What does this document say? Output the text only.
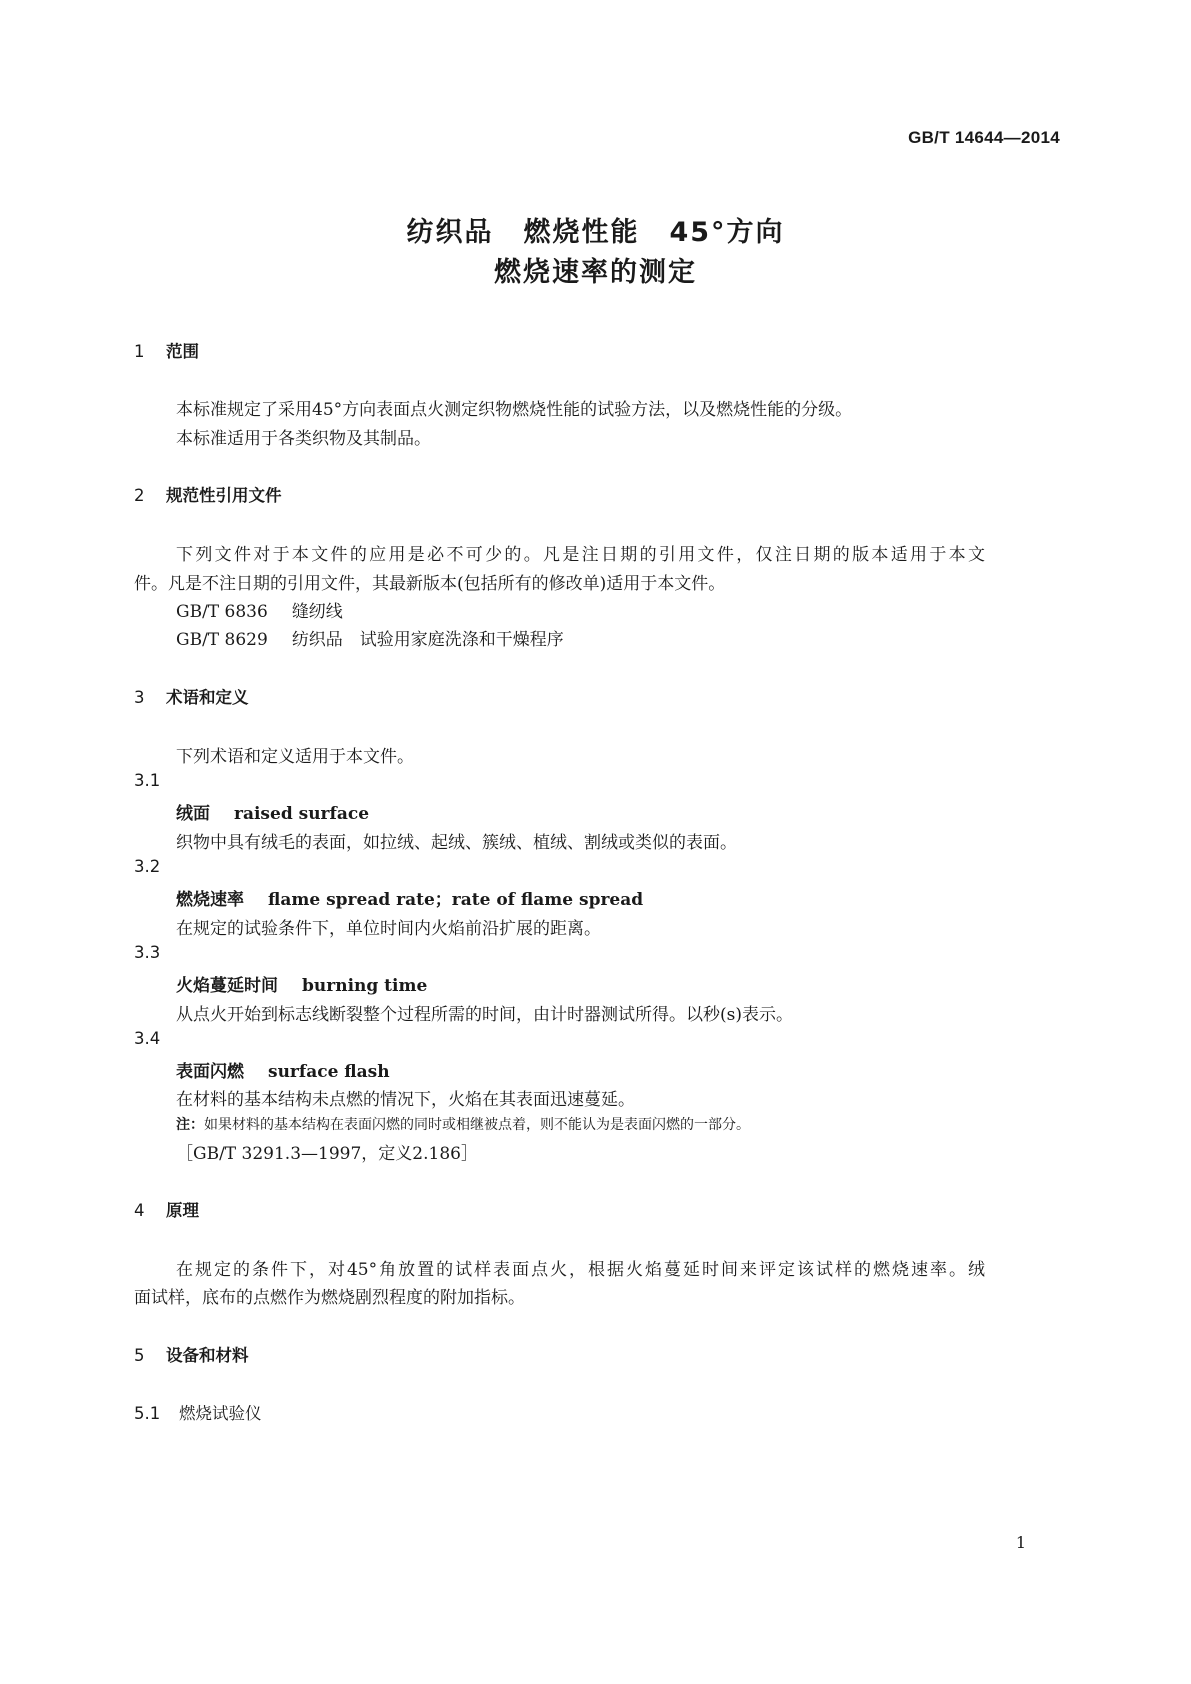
GB/T 14644—2014
纺织品 燃烧性能 45°方向
燃烧速率的测定
1 范围
本标准规定了采用45°方向表面点火测定织物燃烧性能的试验方法，以及燃烧性能的分级。
本标准适用于各类织物及其制品。
2 规范性引用文件
下列文件对于本文件的应用是必不可少的。凡是注日期的引用文件，仅注日期的版本适用于本文
件。凡是不注日期的引用文件，其最新版本(包括所有的修改单)适用于本文件。
GB/T 6836 缝纫线
GB/T 8629 纺织品　试验用家庭洗涤和干燥程序
3 术语和定义
下列术语和定义适用于本文件。
3.1
绒面 raised surface
织物中具有绒毛的表面，如拉绒、起绒、簇绒、植绒、割绒或类似的表面。
3.2
燃烧速率 flame spread rate；rate of flame spread
在规定的试验条件下，单位时间内火焰前沿扩展的距离。
3.3
火焰蔓延时间 burning time
从点火开始到标志线断裂整个过程所需的时间，由计时器测试所得。以秒(s)表示。
3.4
表面闪燃 surface flash
在材料的基本结构未点燃的情况下，火焰在其表面迅速蔓延。
注：如果材料的基本结构在表面闪燃的同时或相继被点着，则不能认为是表面闪燃的一部分。
［GB/T 3291.3—1997，定义2.186］
4 原理
在规定的条件下，对45°角放置的试样表面点火，根据火焰蔓延时间来评定该试样的燃烧速率。绒
面试样，底布的点燃作为燃烧剧烈程度的附加指标。
5 设备和材料
5.1 燃烧试验仪
1
